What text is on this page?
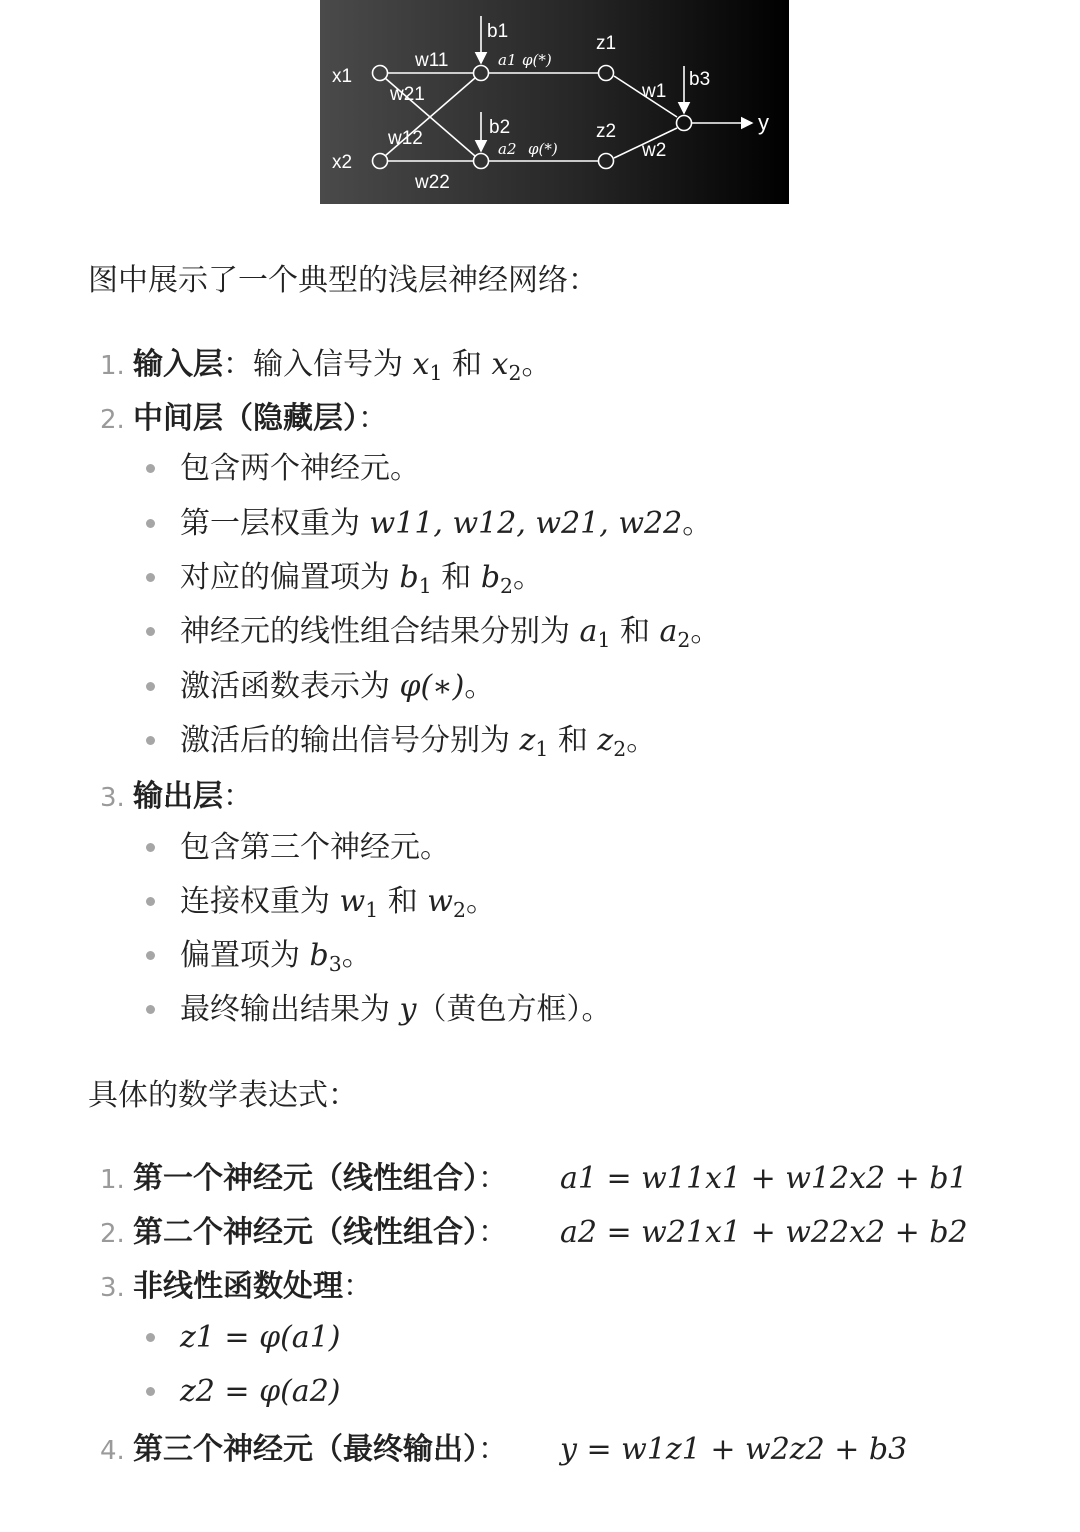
x1
x2
w11
w21
w12
w22
b1
b2
b3
z1
z2
w1
w2
y
a1 φ(*)
a2 φ(*)
图中展示了一个典型的浅层神经网络：
1. 输入层：输入信号为 $x_1$ 和 $x_2$。
2. 中间层（隐藏层）：
包含两个神经元。
第一层权重为 w11, w12, w21, w22。
对应的偏置项为 $b_1$ 和 $b_2$。
神经元的线性组合结果分别为 $a_1$ 和 $a_2$。
激活函数表示为 φ(∗)。
激活后的输出信号分别为 $z_1$ 和 $z_2$。
3. 输出层：
包含第三个神经元。
连接权重为 $w_1$ 和 $w_2$。
偏置项为 $b_3$。
最终输出结果为 y（黄色方框）。
具体的数学表达式：
1. 第一个神经元（线性组合）： a1 = w11x1 + w12x2 + b1
2. 第二个神经元（线性组合）： a2 = w21x1 + w22x2 + b2
3. 非线性函数处理：
z1 = φ(a1)
z2 = φ(a2)
4. 第三个神经元（最终输出）： y = w1z1 + w2z2 + b3
